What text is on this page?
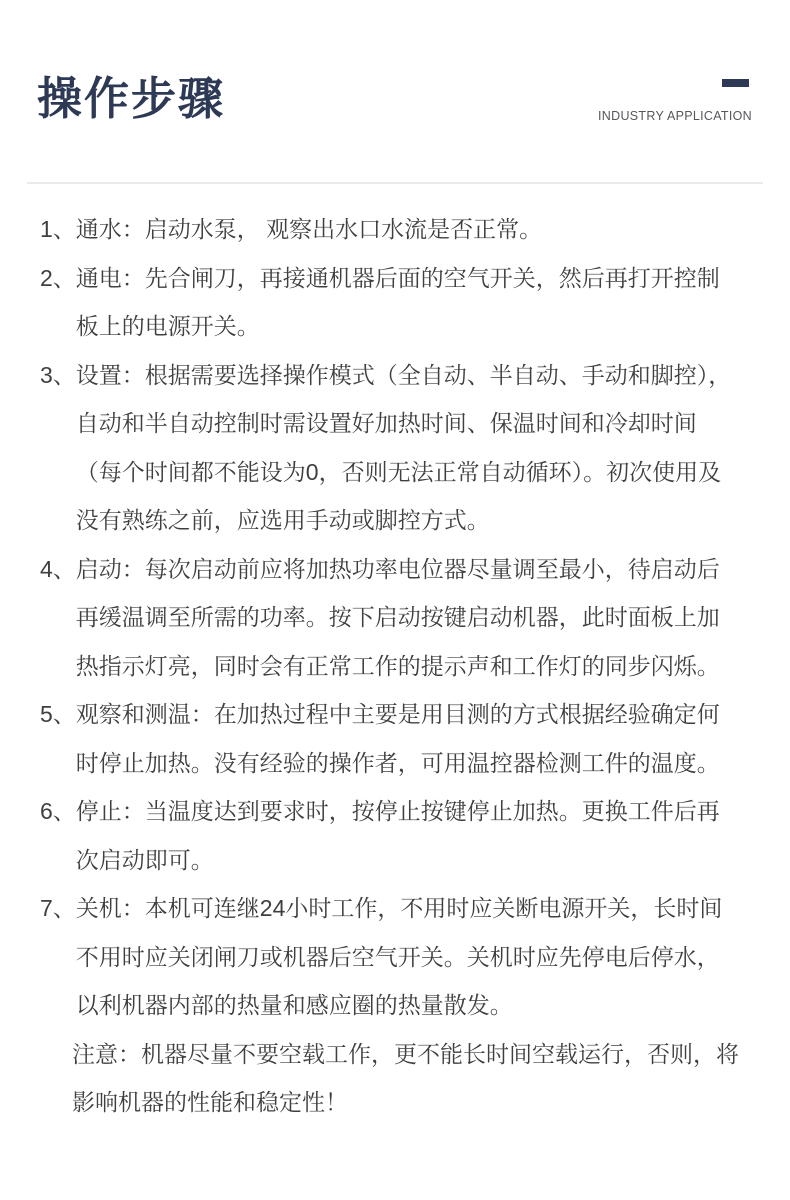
操作步骤	INDUSTRY APPLICATION
1、 通水：启动水泵， 观察出水口水流是否正常。
2、 通电：先合闸刀，再接通机器后面的空气开关，然后再打开控制板上的电源开关。
3、 设置：根据需要选择操作模式（全自动、半自动、手动和脚控），自动和半自动控制时需设置好加热时间、保温时间和冷却时间（每个时间都不能设为0，否则无法正常自动循环）。初次使用及没有熟练之前，应选用手动或脚控方式。
4、 启动：每次启动前应将加热功率电位器尽量调至最小，待启动后再缓温调至所需的功率。按下启动按键启动机器，此时面板上加热指示灯亮，同时会有正常工作的提示声和工作灯的同步闪烁。
5、 观察和测温：在加热过程中主要是用目测的方式根据经验确定何时停止加热。没有经验的操作者，可用温控器检测工件的温度。
6、 停止：当温度达到要求时，按停止按键停止加热。更换工件后再次启动即可。
7、 关机：本机可连继24小时工作，不用时应关断电源开关，长时间不用时应关闭闸刀或机器后空气开关。关机时应先停电后停水，以利机器内部的热量和感应圈的热量散发。
注意：机器尽量不要空载工作，更不能长时间空载运行，否则，将影响机器的性能和稳定性！
